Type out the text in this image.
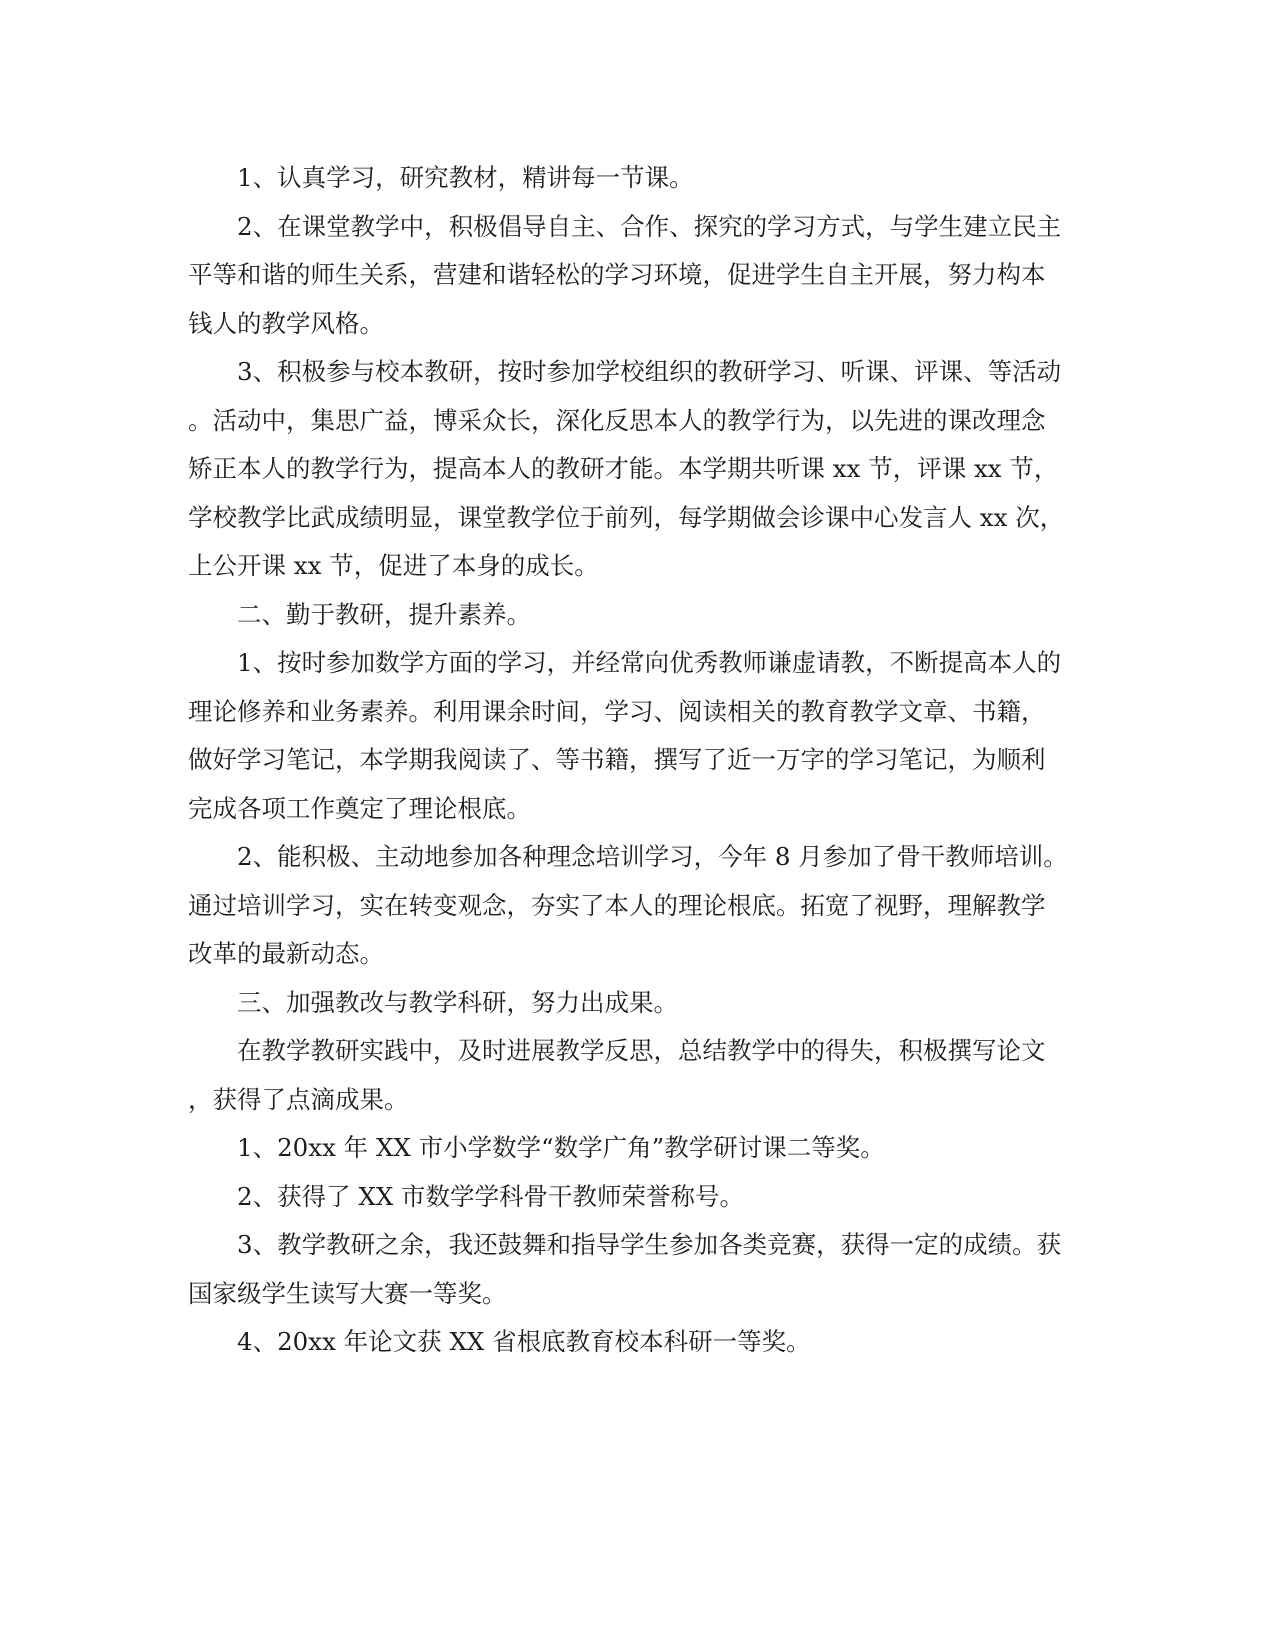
1、认真学习，研究教材，精讲每一节课。

2、在课堂教学中，积极倡导自主、合作、探究的学习方式，与学生建立民主
平等和谐的师生关系，营建和谐轻松的学习环境，促进学生自主开展，努力构本
钱人的教学风格。

3、积极参与校本教研，按时参加学校组织的教研学习、听课、评课、等活动
。活动中，集思广益，博采众长，深化反思本人的教学行为，以先进的课改理念
矫正本人的教学行为，提高本人的教研才能。本学期共听课 xx 节，评课 xx 节，
学校教学比武成绩明显，课堂教学位于前列，每学期做会诊课中心发言人 xx 次，
上公开课 xx 节，促进了本身的成长。

二、勤于教研，提升素养。

1、按时参加数学方面的学习，并经常向优秀教师谦虚请教，不断提高本人的
理论修养和业务素养。利用课余时间，学习、阅读相关的教育教学文章、书籍，
做好学习笔记，本学期我阅读了、等书籍，撰写了近一万字的学习笔记，为顺利
完成各项工作奠定了理论根底。

2、能积极、主动地参加各种理念培训学习，今年 8 月参加了骨干教师培训。
通过培训学习，实在转变观念，夯实了本人的理论根底。拓宽了视野，理解教学
改革的最新动态。

三、加强教改与教学科研，努力出成果。

在教学教研实践中，及时进展教学反思，总结教学中的得失，积极撰写论文
，获得了点滴成果。

1、20xx 年 XX 市小学数学“数学广角”教学研讨课二等奖。

2、获得了 XX 市数学学科骨干教师荣誉称号。

3、教学教研之余，我还鼓舞和指导学生参加各类竞赛，获得一定的成绩。获
国家级学生读写大赛一等奖。

4、20xx 年论文获 XX 省根底教育校本科研一等奖。
